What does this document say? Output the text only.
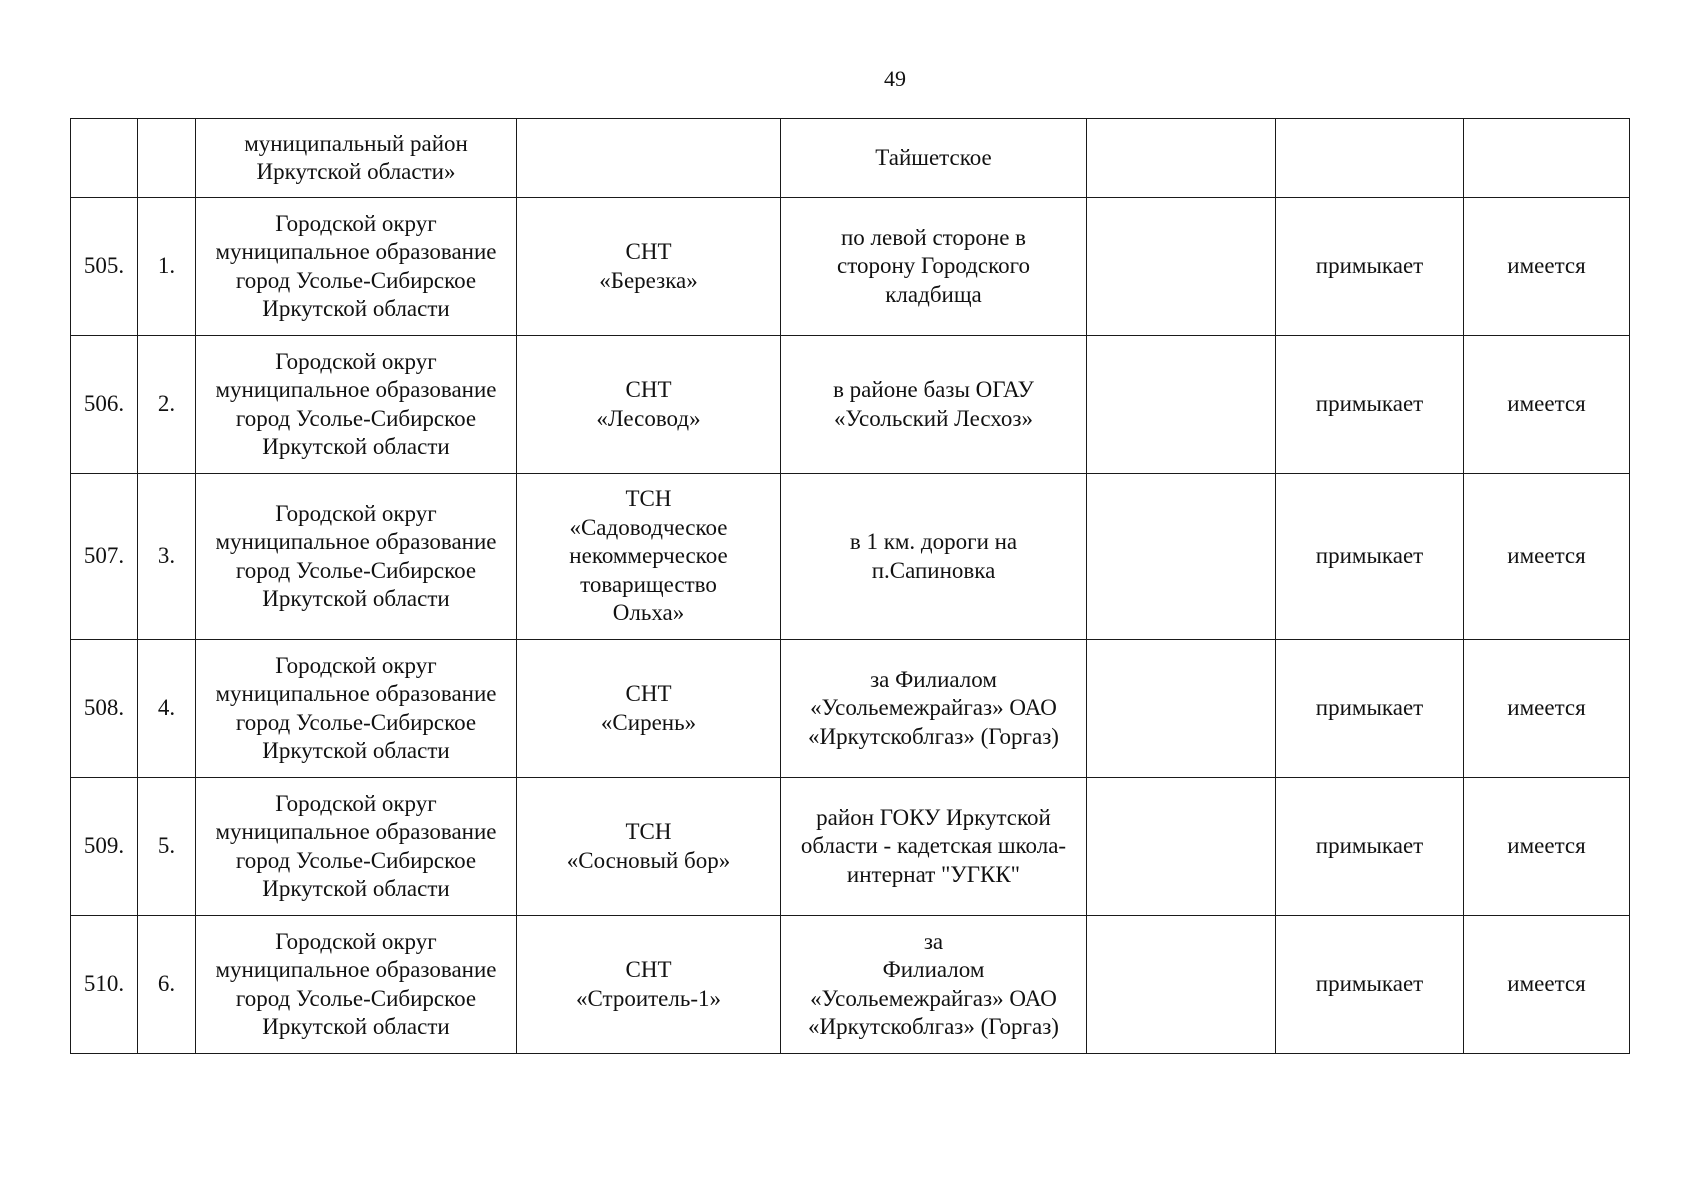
49
		муниципальный район
Иркутской области»		Тайшетское			
505.	1.	Городской округ
муниципальное образование
город Усолье-Сибирское
Иркутской области	СНТ
«Березка»	по левой стороне в
сторону Городского
кладбища		примыкает	имеется
506.	2.	Городской округ
муниципальное образование
город Усолье-Сибирское
Иркутской области	СНТ
«Лесовод»	в районе базы ОГАУ
«Усольский Лесхоз»		примыкает	имеется
507.	3.	Городской округ
муниципальное образование
город Усолье-Сибирское
Иркутской области	ТСН
«Садоводческое
некоммерческое
товарищество
Ольха»	в 1 км. дороги на
п.Сапиновка		примыкает	имеется
508.	4.	Городской округ
муниципальное образование
город Усолье-Сибирское
Иркутской области	СНТ
«Сирень»	за Филиалом
«Усольемежрайгаз» ОАО
«Иркутскоблгаз» (Горгаз)		примыкает	имеется
509.	5.	Городской округ
муниципальное образование
город Усолье-Сибирское
Иркутской области	ТСН
«Сосновый бор»	район ГОКУ Иркутской
области - кадетская школа-
интернат "УГКК"		примыкает	имеется
510.	6.	Городской округ
муниципальное образование
город Усолье-Сибирское
Иркутской области	СНТ
«Строитель-1»	за
Филиалом
«Усольемежрайгаз» ОАО
«Иркутскоблгаз» (Горгаз)		примыкает	имеется
